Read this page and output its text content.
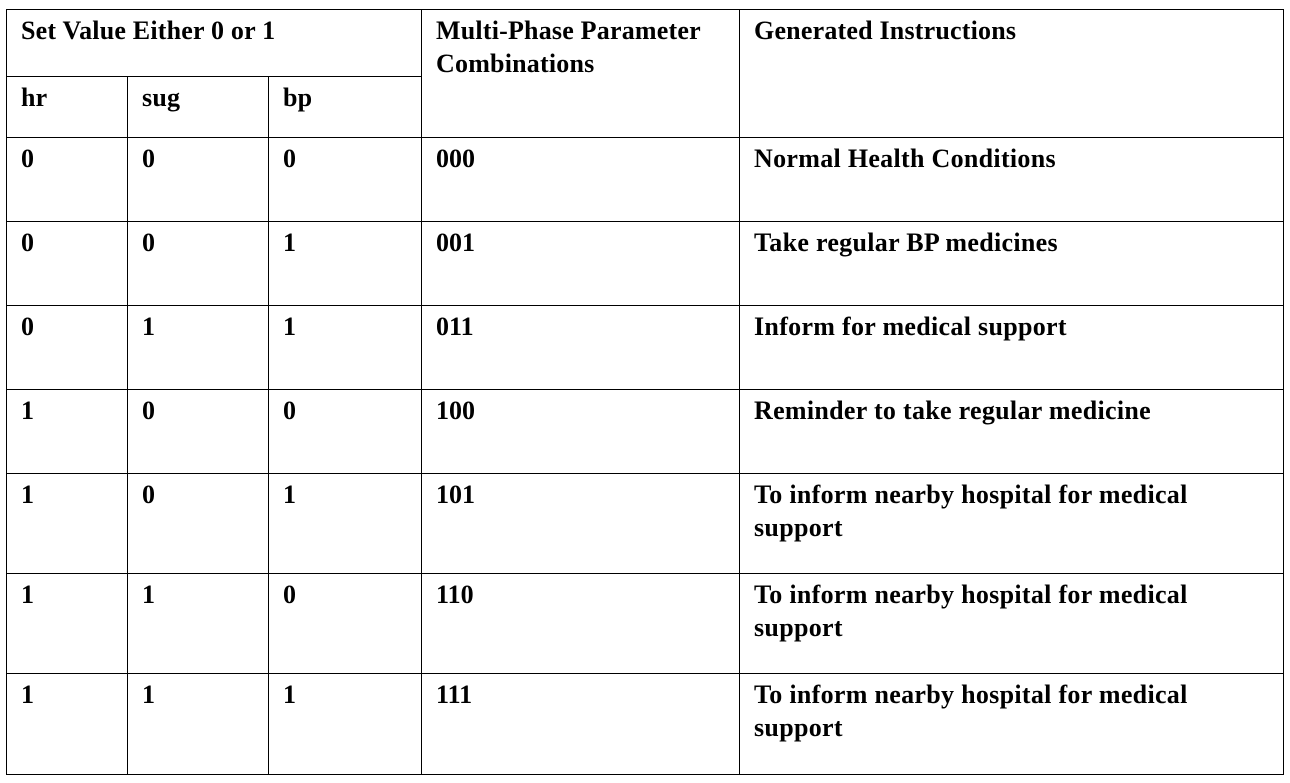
Set Value Either 0 or 1			Multi-Phase Parameter Combinations	Generated Instructions
hr	sug	bp		
0	0	0	000	Normal Health Conditions
0	0	1	001	Take regular BP medicines
0	1	1	011	Inform for medical support
1	0	0	100	Reminder to take regular medicine
1	0	1	101	To inform nearby hospital for medical support
1	1	0	110	To inform nearby hospital for medical support
1	1	1	111	To inform nearby hospital for medical support
